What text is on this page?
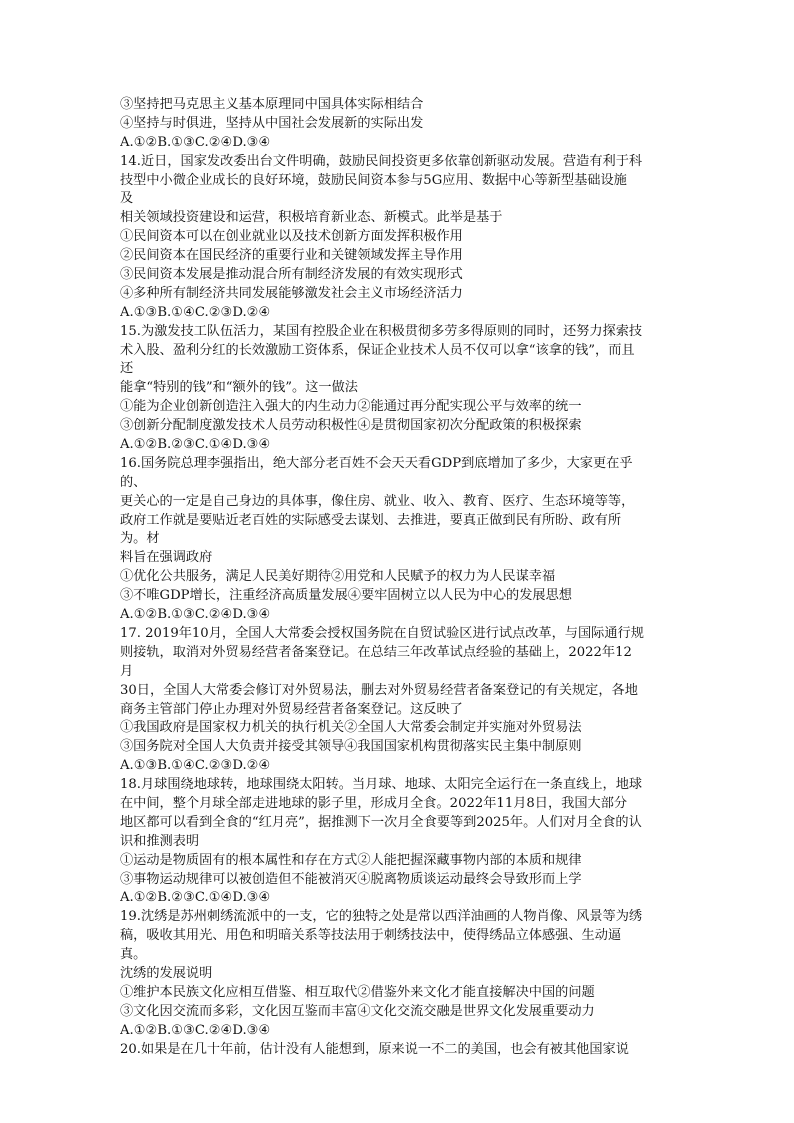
③坚持把马克思主义基本原理同中国具体实际相结合
④坚持与时俱进，坚持从中国社会发展新的实际出发
A.①②B.①③C.②④D.③④
14.近日，国家发改委出台文件明确，鼓励民间投资更多依靠创新驱动发展。营造有利于科
技型中小微企业成长的良好环境，鼓励民间资本参与5G应用、数据中心等新型基础设施
及
相关领域投资建设和运营，积极培育新业态、新模式。此举是基于
①民间资本可以在创业就业以及技术创新方面发挥积极作用
②民间资本在国民经济的重要行业和关键领域发挥主导作用
③民间资本发展是推动混合所有制经济发展的有效实现形式
④多种所有制经济共同发展能够激发社会主义市场经济活力
A.①③B.①④C.②③D.②④
15.为激发技工队伍活力，某国有控股企业在积极贯彻多劳多得原则的同时，还努力探索技
术入股、盈利分红的长效激励工资体系，保证企业技术人员不仅可以拿“该拿的钱”，而且
还
能拿“特别的钱”和“额外的钱”。这一做法
①能为企业创新创造注入强大的内生动力②能通过再分配实现公平与效率的统一
③创新分配制度激发技术人员劳动积极性④是贯彻国家初次分配政策的积极探索
A.①②B.②③C.①④D.③④
16.国务院总理李强指出，绝大部分老百姓不会天天看GDP到底增加了多少，大家更在乎
的、
更关心的一定是自己身边的具体事，像住房、就业、收入、教育、医疗、生态环境等等，
政府工作就是要贴近老百姓的实际感受去谋划、去推进，要真正做到民有所盼、政有所
为。材
料旨在强调政府
①优化公共服务，满足人民美好期待②用党和人民赋予的权力为人民谋幸福
③不唯GDP增长，注重经济高质量发展④要牢固树立以人民为中心的发展思想
A.①②B.①③C.②④D.③④
17. 2019年10月，全国人大常委会授权国务院在自贸试验区进行试点改革，与国际通行规
则接轨，取消对外贸易经营者备案登记。在总结三年改革试点经验的基础上，2022年12
月
30日，全国人大常委会修订对外贸易法，删去对外贸易经营者备案登记的有关规定，各地
商务主管部门停止办理对外贸易经营者备案登记。这反映了
①我国政府是国家权力机关的执行机关②全国人大常委会制定并实施对外贸易法
③国务院对全国人大负责并接受其领导④我国国家机构贯彻落实民主集中制原则
A.①③B.①④C.②③D.②④
18.月球围绕地球转，地球围绕太阳转。当月球、地球、太阳完全运行在一条直线上，地球
在中间，整个月球全部走进地球的影子里，形成月全食。2022年11月8日，我国大部分
地区都可以看到全食的“红月亮”，据推测下一次月全食要等到2025年。人们对月全食的认
识和推测表明
①运动是物质固有的根本属性和存在方式②人能把握深藏事物内部的本质和规律
③事物运动规律可以被创造但不能被消灭④脱离物质谈运动最终会导致形而上学
A.①②B.②③C.①④D.③④
19.沈绣是苏州刺绣流派中的一支，它的独特之处是常以西洋油画的人物肖像、风景等为绣
稿，吸收其用光、用色和明暗关系等技法用于刺绣技法中，使得绣品立体感强、生动逼
真。
沈绣的发展说明
①维护本民族文化应相互借鉴、相互取代②借鉴外来文化才能直接解决中国的问题
③文化因交流而多彩，文化因互鉴而丰富④文化交流交融是世界文化发展重要动力
A.①②B.①③C.②④D.③④
20.如果是在几十年前，估计没有人能想到，原来说一不二的美国，也会有被其他国家说
